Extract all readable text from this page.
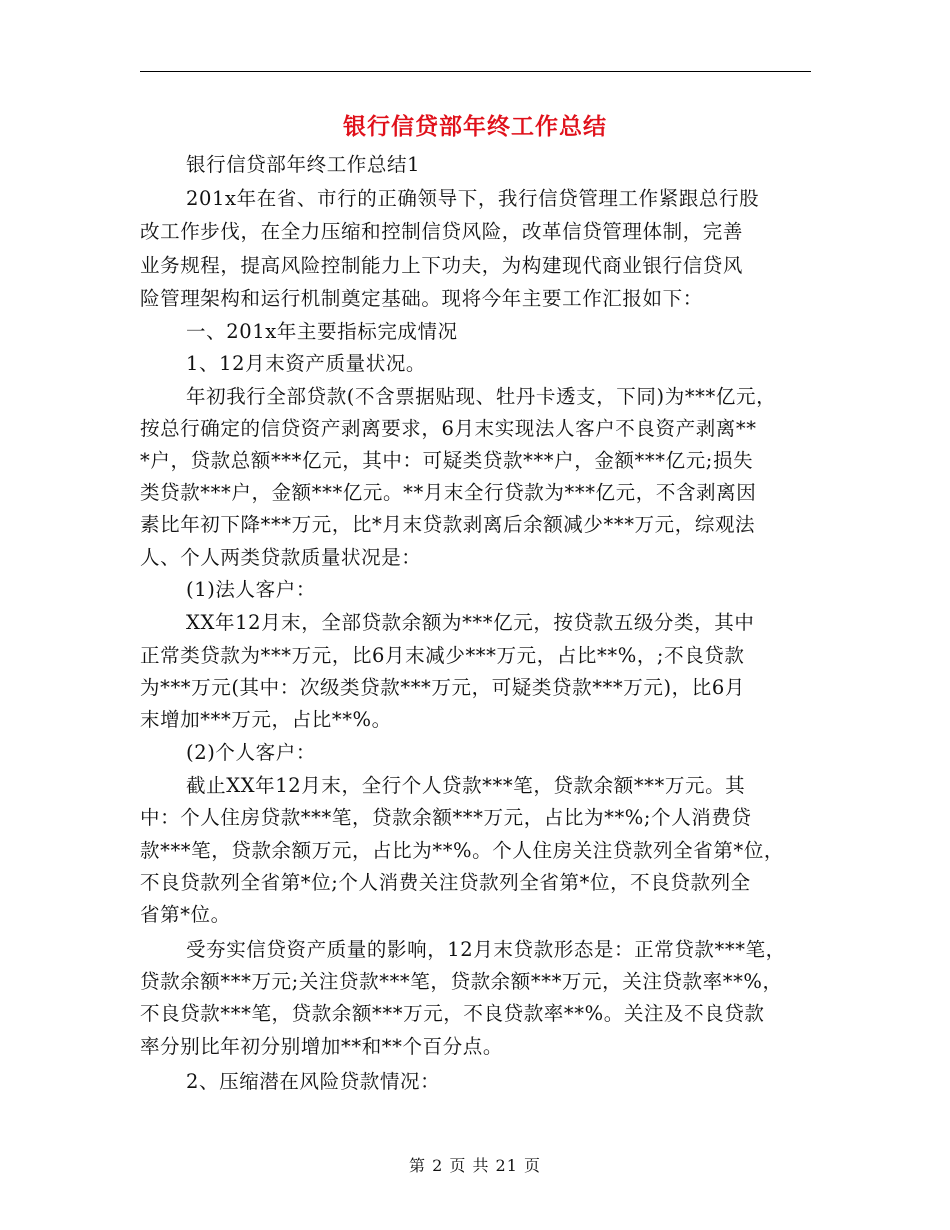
银行信贷部年终工作总结
银行信贷部年终工作总结1
201x年在省、市行的正确领导下，我行信贷管理工作紧跟总行股
改工作步伐，在全力压缩和控制信贷风险，改革信贷管理体制，完善
业务规程，提高风险控制能力上下功夫，为构建现代商业银行信贷风
险管理架构和运行机制奠定基础。现将今年主要工作汇报如下：
一、201x年主要指标完成情况
1、12月末资产质量状况。
年初我行全部贷款(不含票据贴现、牡丹卡透支，下同)为***亿元，
按总行确定的信贷资产剥离要求，6月末实现法人客户不良资产剥离**
*户，贷款总额***亿元，其中：可疑类贷款***户，金额***亿元;损失
类贷款***户，金额***亿元。**月末全行贷款为***亿元，不含剥离因
素比年初下降***万元，比*月末贷款剥离后余额减少***万元，综观法
人、个人两类贷款质量状况是：
(1)法人客户：
XX年12月末，全部贷款余额为***亿元，按贷款五级分类，其中
正常类贷款为***万元，比6月末减少***万元，占比**%，;不良贷款
为***万元(其中：次级类贷款***万元，可疑类贷款***万元)，比6月
末增加***万元，占比**%。
(2)个人客户：
截止XX年12月末，全行个人贷款***笔，贷款余额***万元。其
中：个人住房贷款***笔，贷款余额***万元，占比为**%;个人消费贷
款***笔，贷款余额万元，占比为**%。个人住房关注贷款列全省第*位，
不良贷款列全省第*位;个人消费关注贷款列全省第*位，不良贷款列全
省第*位。
受夯实信贷资产质量的影响，12月末贷款形态是：正常贷款***笔，
贷款余额***万元;关注贷款***笔，贷款余额***万元，关注贷款率**%，
不良贷款***笔，贷款余额***万元，不良贷款率**%。关注及不良贷款
率分别比年初分别增加**和**个百分点。
2、压缩潜在风险贷款情况：
第 2 页 共 21 页
